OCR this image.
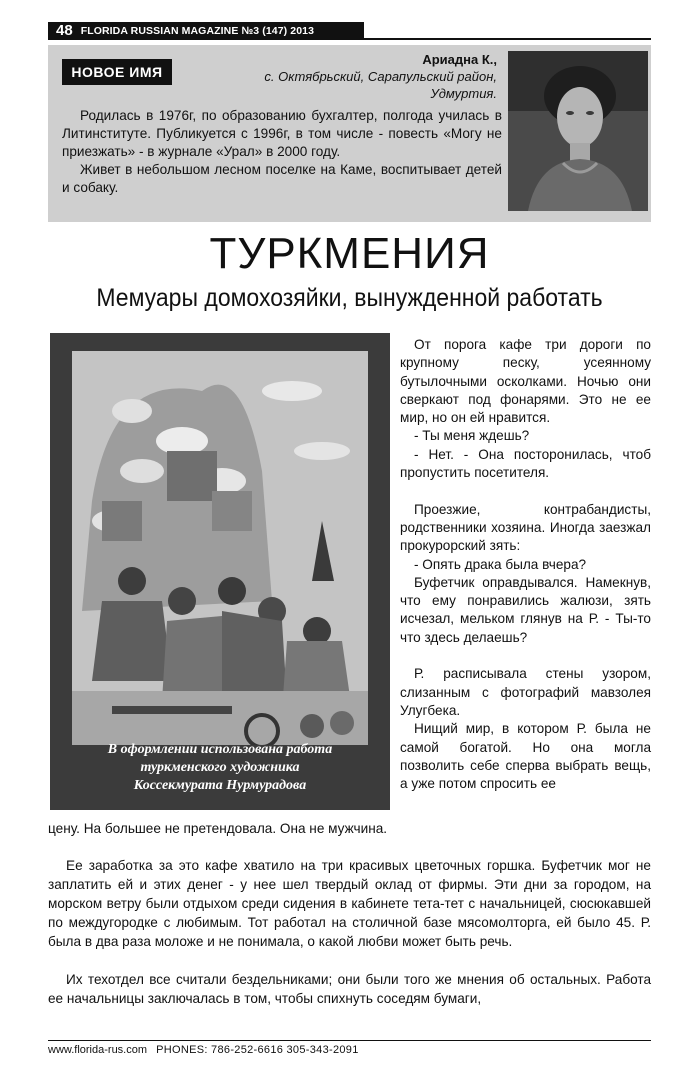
48 FLORIDA RUSSIAN MAGAZINE №3 (147) 2013
НОВОЕ ИМЯ
Ариадна К.,
с. Октябрьский, Сарапульский район,
Удмуртия.

Родилась в 1976г, по образованию бухгалтер, полгода училась в Литинституте. Публикуется с 1996г, в том числе - повесть «Могу не приезжать» - в журнале «Урал» в 2000 году.

Живет в небольшом лесном поселке на Каме, воспитывает детей и собаку.

ТУРКМЕНИЯ
Мемуары домохозяйки, вынужденной работать
В оформлении использована работа
туркменского художника
Коссекмурата Нурмурадова

От порога кафе три дороги по крупному песку, усеянному бутылочными осколками. Ночью они сверкают под фонарями. Это не ее мир, но он ей нравится.

- Ты меня ждешь?

- Нет. - Она посторонилась, чтоб пропустить посетителя.

Проезжие, контрабандисты, родственники хозяина. Иногда заезжал прокурорский зять:

- Опять драка была вчера?

Буфетчик оправдывался. Намекнув, что ему понравились жалюзи, зять исчезал, мельком глянув на Р. - Ты-то что здесь делаешь?

Р. расписывала стены узором, слизанным с фотографий мавзолея Улугбека.

Нищий мир, в котором Р. была не самой богатой. Но она могла позволить себе сперва выбрать вещь, а уже потом спросить ее

цену. На большее не претендовала. Она не мужчина.

Ее заработка за это кафе хватило на три красивых цветочных горшка. Буфетчик мог не заплатить ей и этих денег - у нее шел твердый оклад от фирмы. Эти дни за городом, на морском ветру были отдыхом среди сидения в кабинете тета-тет с начальницей, сюсюкавшей по междугородке с любимым. Тот работал на столичной базе мясомолторга, ей было 45. Р. была в два раза моложе и не понимала, о какой любви может быть речь.

Их техотдел все считали бездельниками; они были того же мнения об остальных. Работа ее начальницы заключалась в том, чтобы спихнуть соседям бумаги,

www.florida-rus.com PHONES: 786-252-6616 305-343-2091
